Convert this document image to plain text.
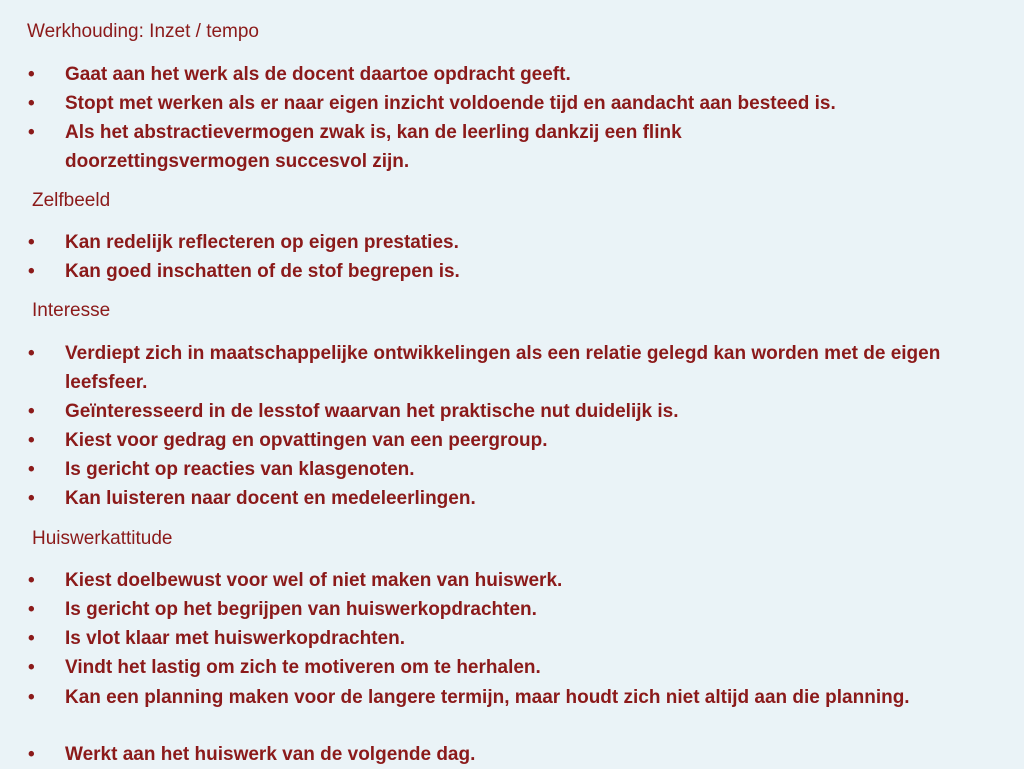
Werkhouding: Inzet / tempo
•	Gaat aan het werk als de docent daartoe opdracht geeft.
•	Stopt met werken als er naar eigen inzicht voldoende tijd en aandacht aan besteed is.
•	Als het abstractievermogen zwak is, kan de leerling dankzij een flink doorzettingsvermogen succesvol zijn.
Zelfbeeld
•	Kan redelijk reflecteren op eigen prestaties.
•	Kan goed inschatten of de stof begrepen is.
Interesse
•	Verdiept zich in maatschappelijke ontwikkelingen als een relatie gelegd kan worden met de eigen leefsfeer.
•	Geïnteresseerd in de lesstof waarvan het praktische nut duidelijk is.
•	Kiest voor gedrag en opvattingen van een peergroup.
•	Is gericht op reacties van klasgenoten.
•	Kan luisteren naar docent en medeleerlingen.
Huiswerkattitude
•	Kiest doelbewust voor wel of niet maken van huiswerk.
•	Is gericht op het begrijpen van huiswerkopdrachten.
•	Is vlot klaar met huiswerkopdrachten.
•	Vindt het lastig om zich te motiveren om te herhalen.
•	Kan een planning maken voor de langere termijn, maar houdt zich niet altijd aan die planning.
•	Werkt aan het huiswerk van de volgende dag.
